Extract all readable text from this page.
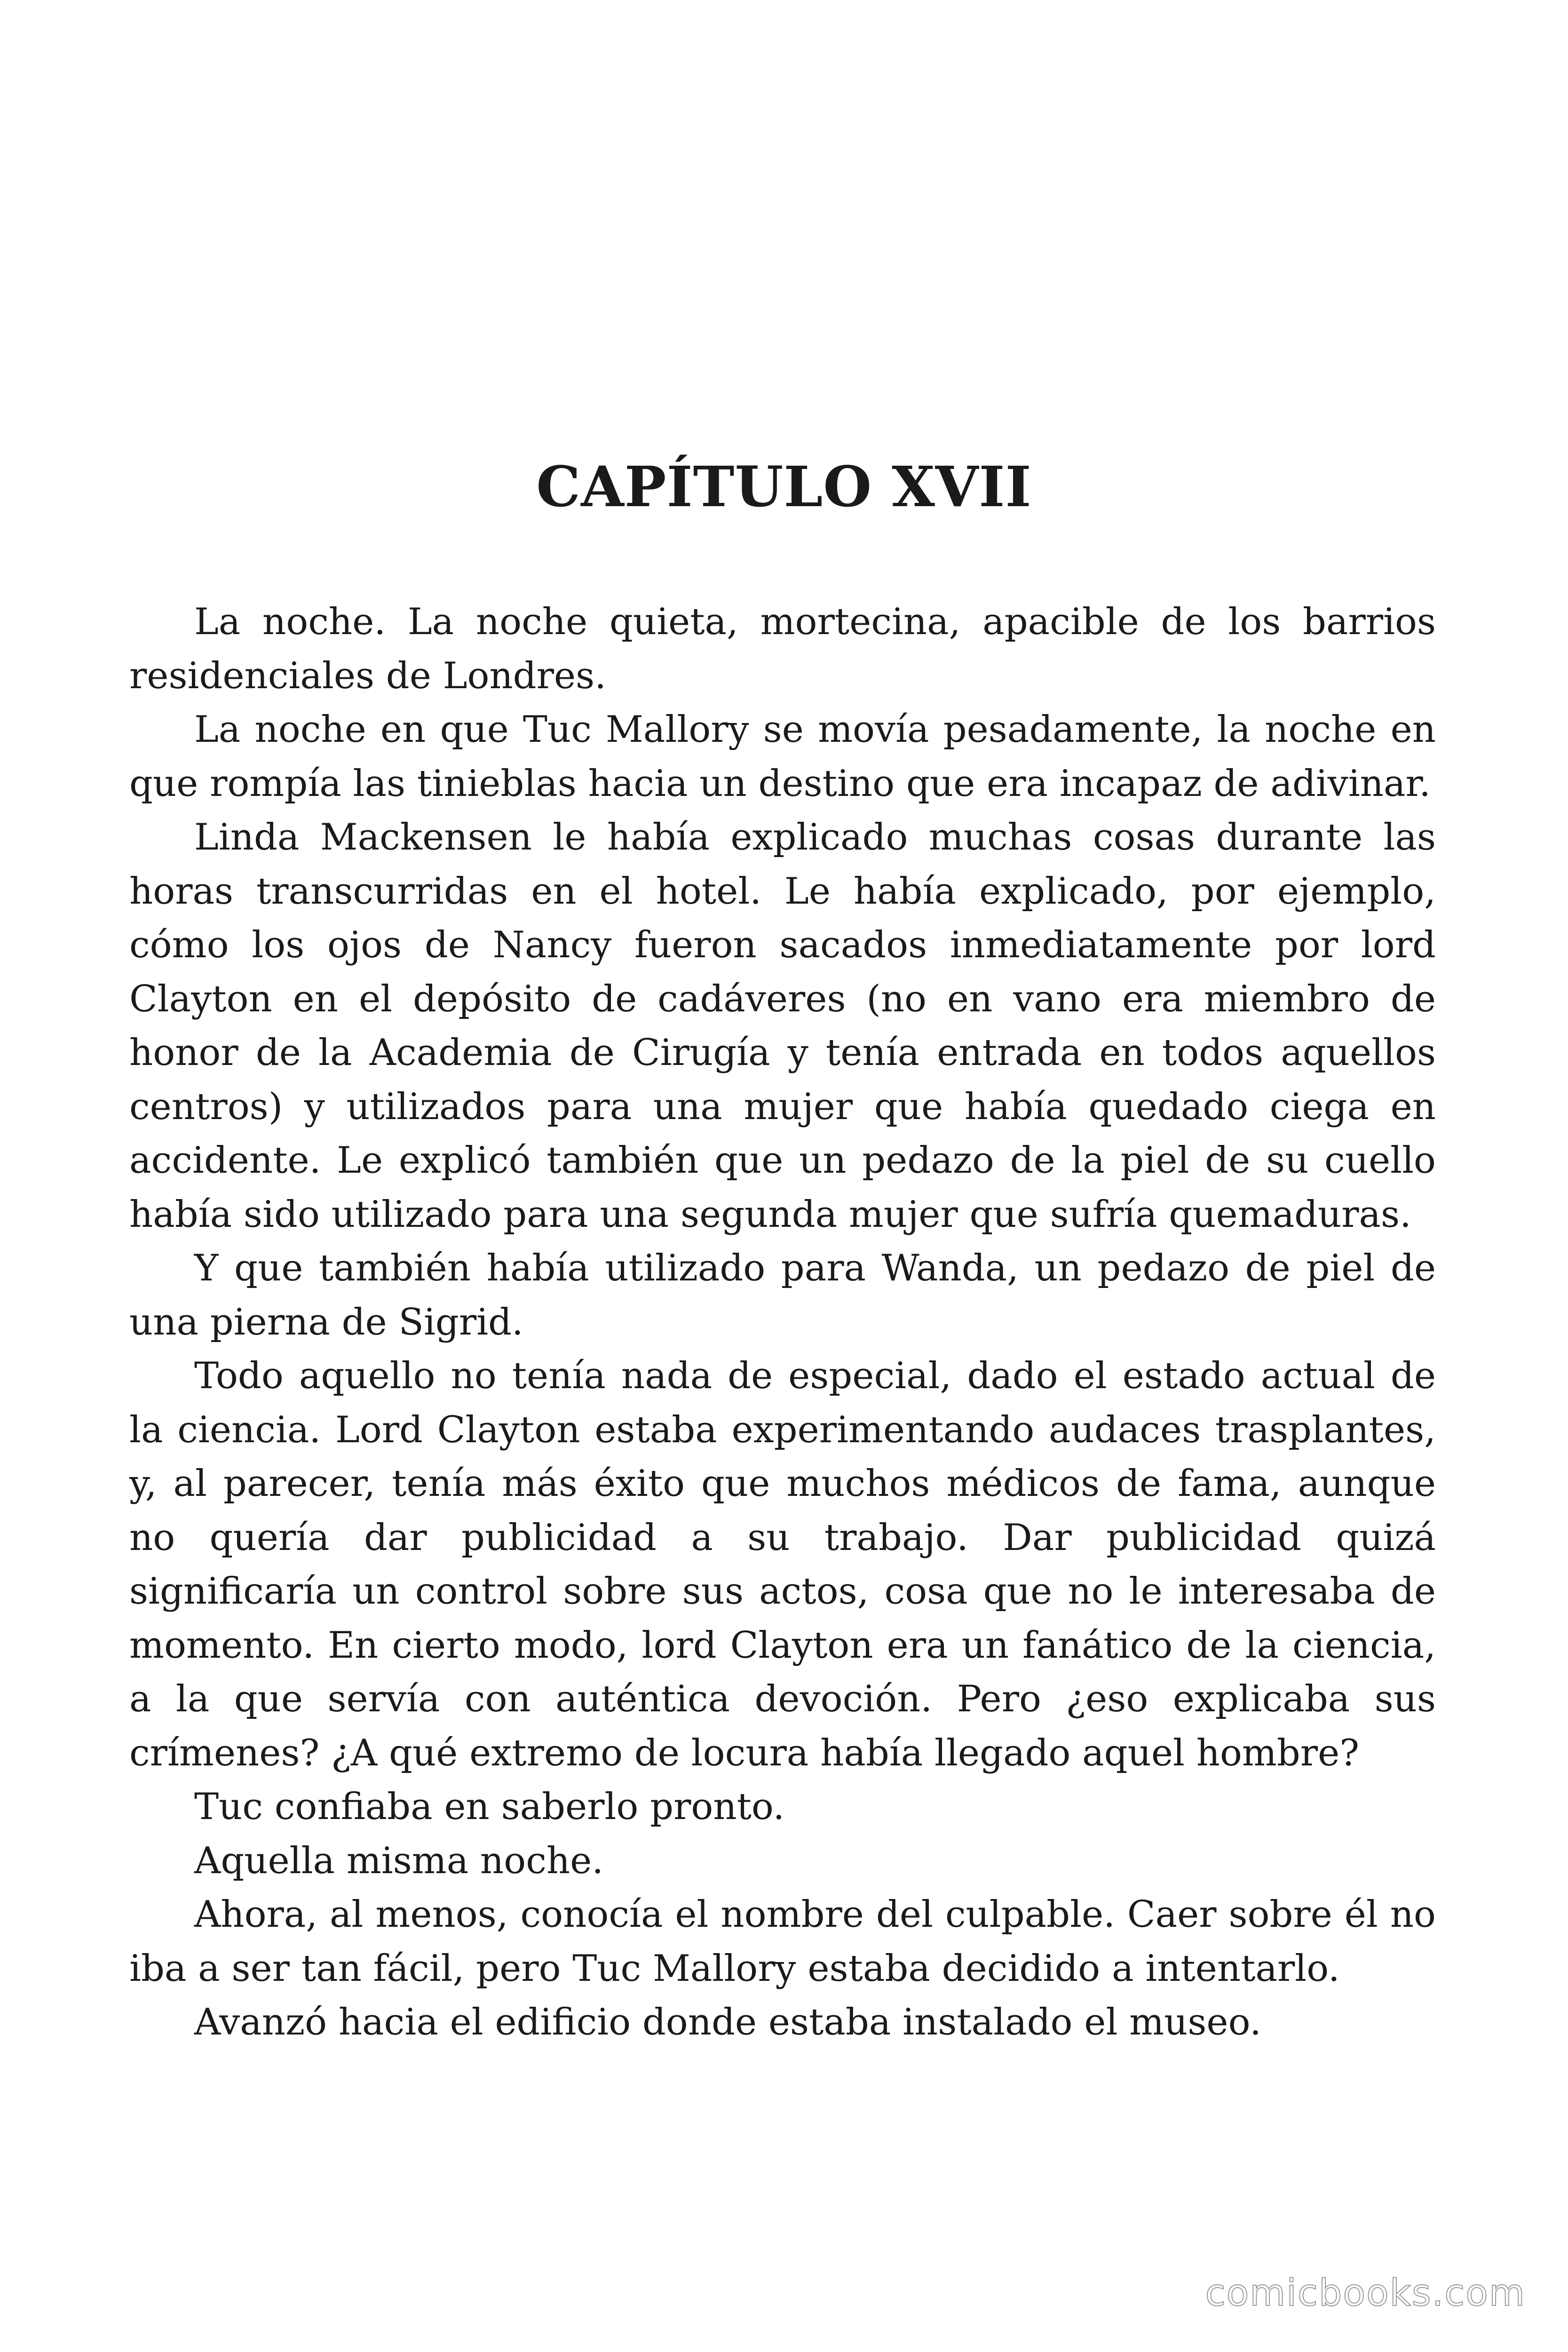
CAPÍTULO XVII

La noche. La noche quieta, mortecina, apacible de los barrios residenciales de Londres.

La noche en que Tuc Mallory se movía pesadamente, la noche en que rompía las tinieblas hacia un destino que era incapaz de adivinar.

Linda Mackensen le había explicado muchas cosas durante las horas transcurridas en el hotel. Le había explicado, por ejemplo, cómo los ojos de Nancy fueron sacados inmediatamente por lord Clayton en el depósito de cadáveres (no en vano era miembro de honor de la Academia de Cirugía y tenía entrada en todos aquellos centros) y utilizados para una mujer que había quedado ciega en accidente. Le explicó también que un pedazo de la piel de su cuello había sido utilizado para una segunda mujer que sufría quemaduras.

Y que también había utilizado para Wanda, un pedazo de piel de una pierna de Sigrid.

Todo aquello no tenía nada de especial, dado el estado actual de la ciencia. Lord Clayton estaba experimentando audaces trasplantes, y, al parecer, tenía más éxito que muchos médicos de fama, aunque no quería dar publicidad a su trabajo. Dar publicidad quizá significaría un control sobre sus actos, cosa que no le interesaba de momento. En cierto modo, lord Clayton era un fanático de la ciencia, a la que servía con auténtica devoción. Pero ¿eso explicaba sus crímenes? ¿A qué extremo de locura había llegado aquel hombre?

Tuc confiaba en saberlo pronto.

Aquella misma noche.

Ahora, al menos, conocía el nombre del culpable. Caer sobre él no iba a ser tan fácil, pero Tuc Mallory estaba decidido a intentarlo.

Avanzó hacia el edificio donde estaba instalado el museo.

comicbooks.com
